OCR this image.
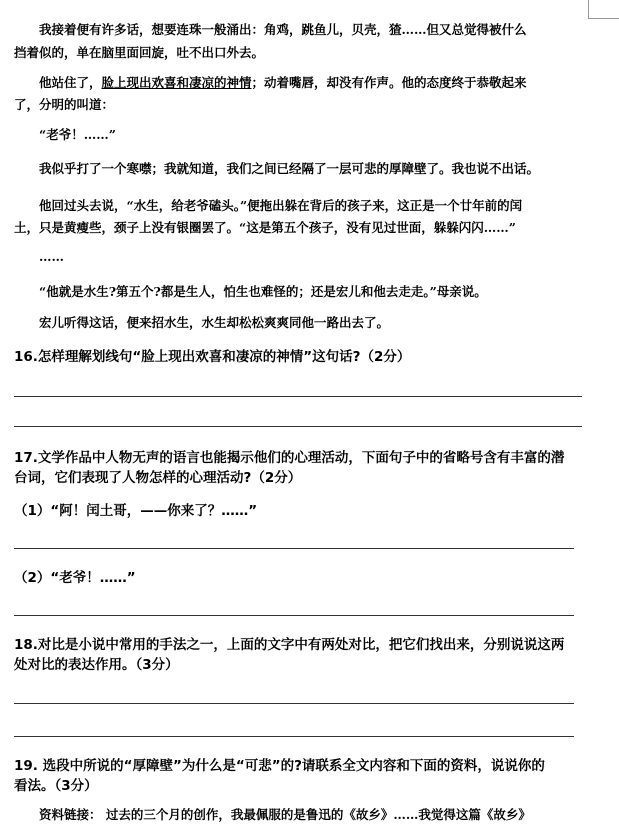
我接着便有许多话，想要连珠一般涌出：角鸡，跳鱼儿，贝壳，猹……但又总觉得被什么
挡着似的，单在脑里面回旋，吐不出口外去。
他站住了，脸上现出欢喜和凄凉的神情；动着嘴唇，却没有作声。他的态度终于恭敬起来
了，分明的叫道：
“老爷！……”
我似乎打了一个寒噤；我就知道，我们之间已经隔了一层可悲的厚障壁了。我也说不出话。
他回过头去说，“水生，给老爷磕头。”便拖出躲在背后的孩子来，这正是一个廿年前的闰
土，只是黄瘦些，颈子上没有银圈罢了。“这是第五个孩子，没有见过世面，躲躲闪闪……”
……
“他就是水生?第五个?都是生人，怕生也难怪的；还是宏儿和他去走走。”母亲说。
宏儿听得这话，便来招水生，水生却松松爽爽同他一路出去了。
16.怎样理解划线句“脸上现出欢喜和凄凉的神情”这句话?（2分）
17.文学作品中人物无声的语言也能揭示他们的心理活动，下面句子中的省略号含有丰富的潜
台词，它们表现了人物怎样的心理活动?（2分）
（1）“阿！闰土哥，——你来了？……”
（2）“老爷！……”
18.对比是小说中常用的手法之一，上面的文字中有两处对比，把它们找出来，分别说说这两
处对比的表达作用。（3分）
19. 选段中所说的“厚障壁”为什么是“可悲”的?请联系全文内容和下面的资料，说说你的
看法。（3分）
资料链接： 过去的三个月的创作，我最佩服的是鲁迅的《故乡》……我觉得这篇《故乡》
